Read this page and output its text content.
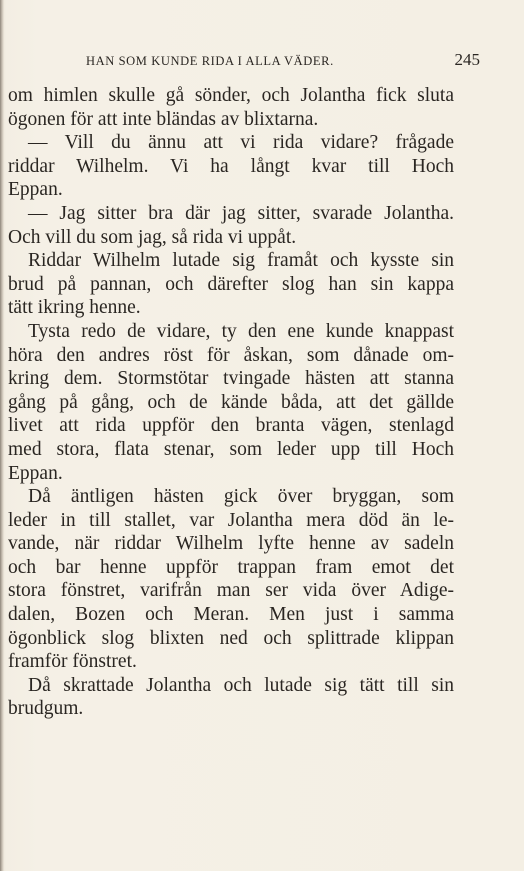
HAN SOM KUNDE RIDA I ALLA VÄDER.	245
om himlen skulle gå sönder, och Jolantha fick sluta
ögonen för att inte bländas av blixtarna.
— Vill du ännu att vi rida vidare? frågade
riddar Wilhelm. Vi ha långt kvar till Hoch
Eppan.
— Jag sitter bra där jag sitter, svarade Jolantha.
Och vill du som jag, så rida vi uppåt.
Riddar Wilhelm lutade sig framåt och kysste sin
brud på pannan, och därefter slog han sin kappa
tätt ikring henne.
Tysta redo de vidare, ty den ene kunde knappast
höra den andres röst för åskan, som dånade om-
kring dem. Stormstötar tvingade hästen att stanna
gång på gång, och de kände båda, att det gällde
livet att rida uppför den branta vägen, stenlagd
med stora, flata stenar, som leder upp till Hoch
Eppan.
Då äntligen hästen gick över bryggan, som
leder in till stallet, var Jolantha mera död än le-
vande, när riddar Wilhelm lyfte henne av sadeln
och bar henne uppför trappan fram emot det
stora fönstret, varifrån man ser vida över Adige-
dalen, Bozen och Meran. Men just i samma
ögonblick slog blixten ned och splittrade klippan
framför fönstret.
Då skrattade Jolantha och lutade sig tätt till sin
brudgum.
